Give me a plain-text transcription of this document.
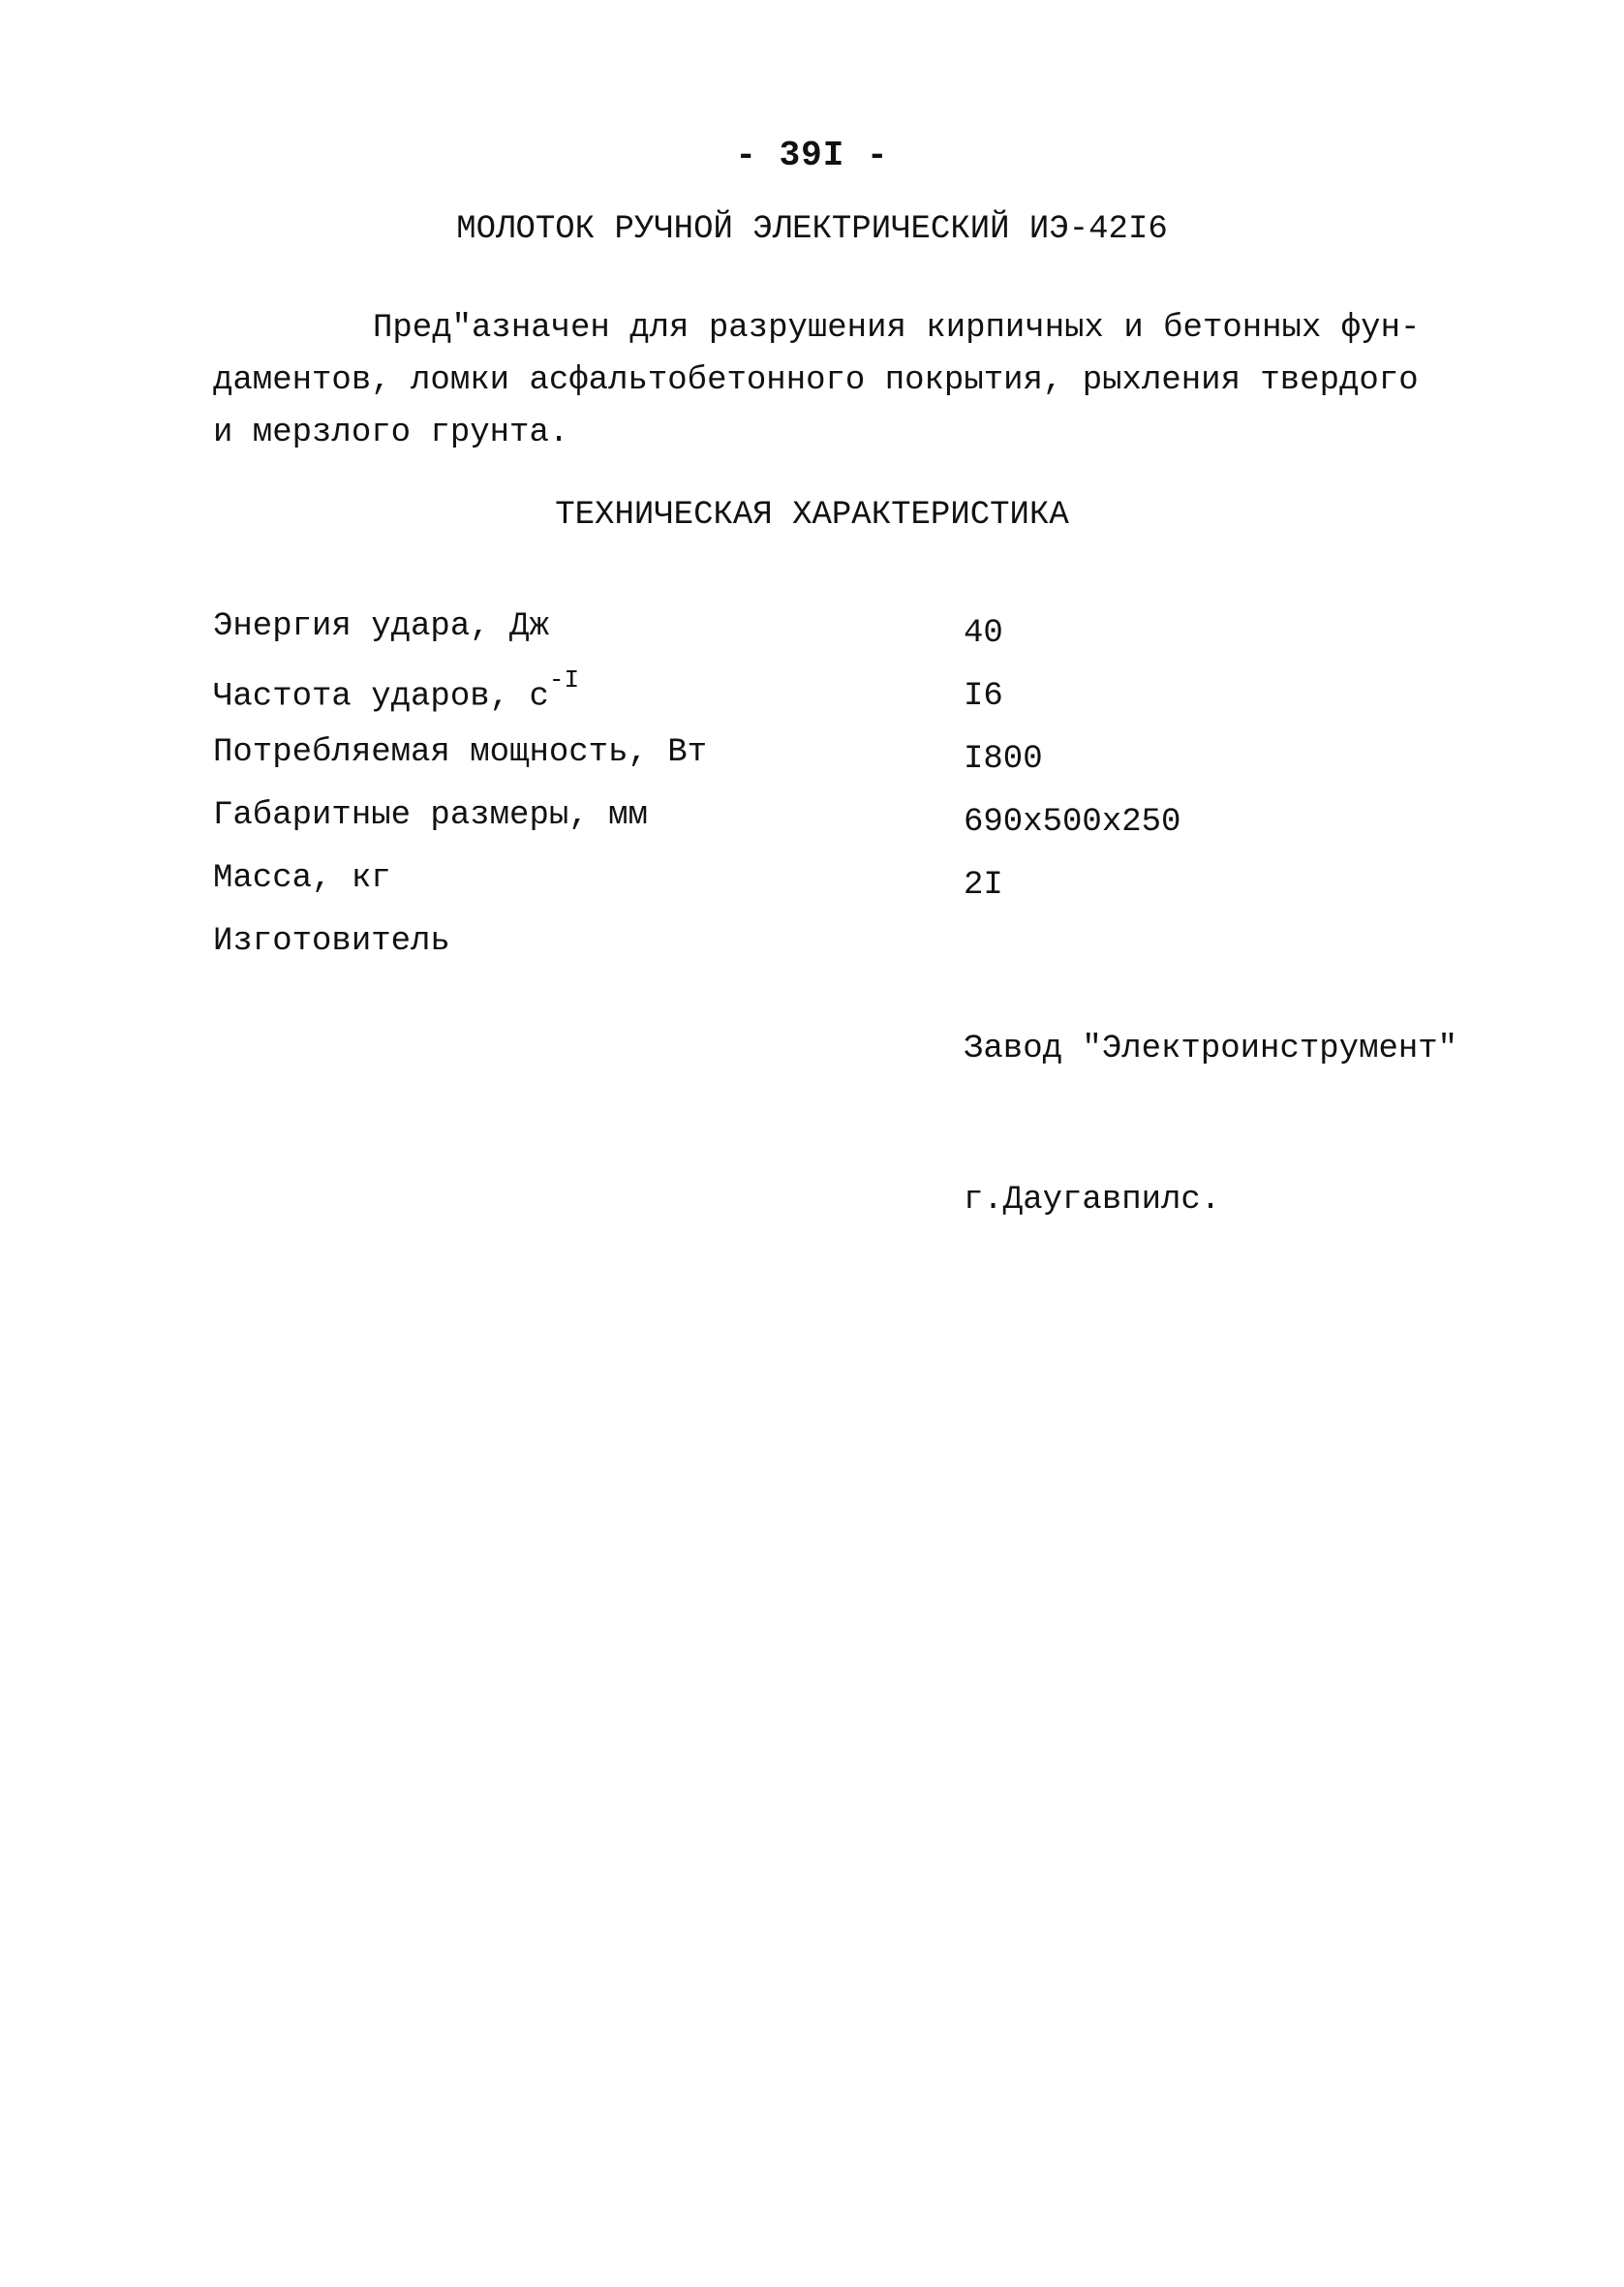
- 39I -
МОЛОТОК РУЧНОЙ ЭЛЕКТРИЧЕСКИЙ ИЭ-42I6
Пред"азначен для разрушения кирпичных и бетонных фун-
даментов, ломки асфальтобетонного покрытия, рыхления твердого
и мерзлого грунта.
ТЕХНИЧЕСКАЯ ХАРАКТЕРИСТИКА
Энергия удара, Дж	40
Частота ударов, $с^{-I}$	I6
Потребляемая мощность, Вт	I800
Габаритные размеры, мм	690x500x250
Масса, кг	2I
Изготовитель

Завод "Электроинструмент"

г.Даугавпилс.
